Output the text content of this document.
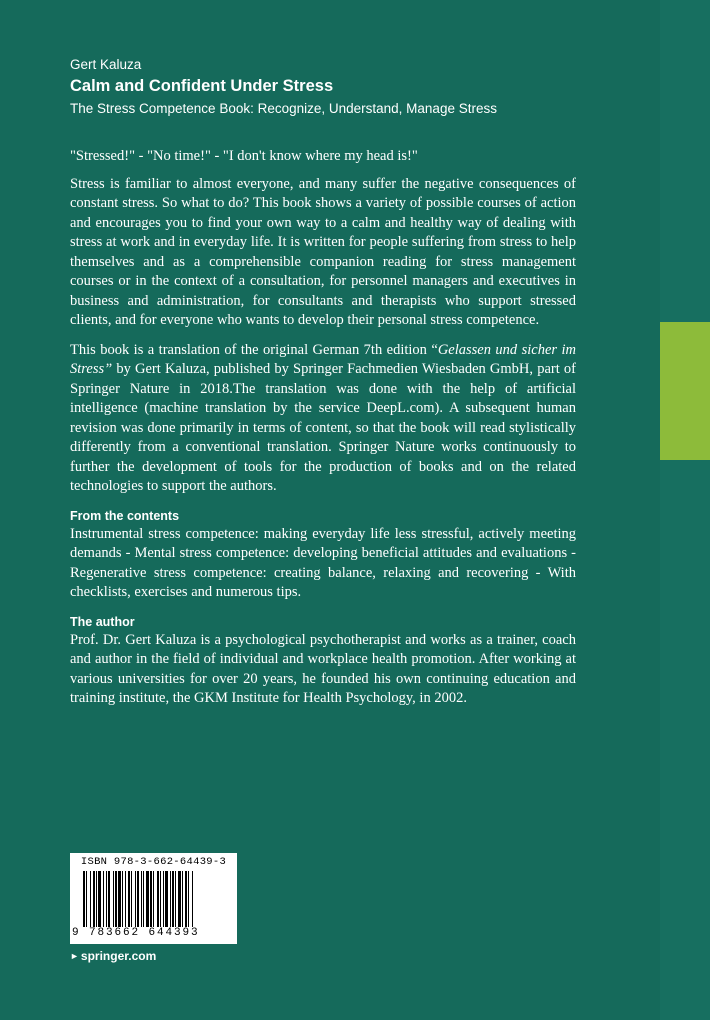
Gert Kaluza
Calm and Confident Under Stress
The Stress Competence Book: Recognize, Understand, Manage Stress
"Stressed!" - "No time!" - "I don't know where my head is!"
Stress is familiar to almost everyone, and many suffer the negative consequences of constant stress. So what to do? This book shows a variety of possible courses of action and encourages you to find your own way to a calm and healthy way of dealing with stress at work and in everyday life. It is written for people suffering from stress to help themselves and as a comprehensible companion reading for stress management courses or in the context of a consultation, for personnel managers and executives in business and administration, for consultants and therapists who support stressed clients, and for everyone who wants to develop their personal stress competence.
This book is a translation of the original German 7th edition “Gelassen und sicher im Stress” by Gert Kaluza, published by Springer Fachmedien Wiesbaden GmbH, part of Springer Nature in 2018.The translation was done with the help of artificial intelligence (machine translation by the service DeepL.com). A subsequent human revision was done primarily in terms of content, so that the book will read stylistically differently from a conventional translation. Springer Nature works continuously to further the development of tools for the production of books and on the related technologies to support the authors.
From the contents
Instrumental stress competence: making everyday life less stressful, actively meeting demands - Mental stress competence: developing beneficial attitudes and evaluations - Regenerative stress competence: creating balance, relaxing and recovering - With checklists, exercises and numerous tips.
The author
Prof. Dr. Gert Kaluza is a psychological psychotherapist and works as a trainer, coach and author in the field of individual and workplace health promotion. After working at various universities for over 20 years, he founded his own continuing education and training institute, the GKM Institute for Health Psychology, in 2002.
ISBN 978-3-662-64439-3
9 783662 644393
► springer.com
